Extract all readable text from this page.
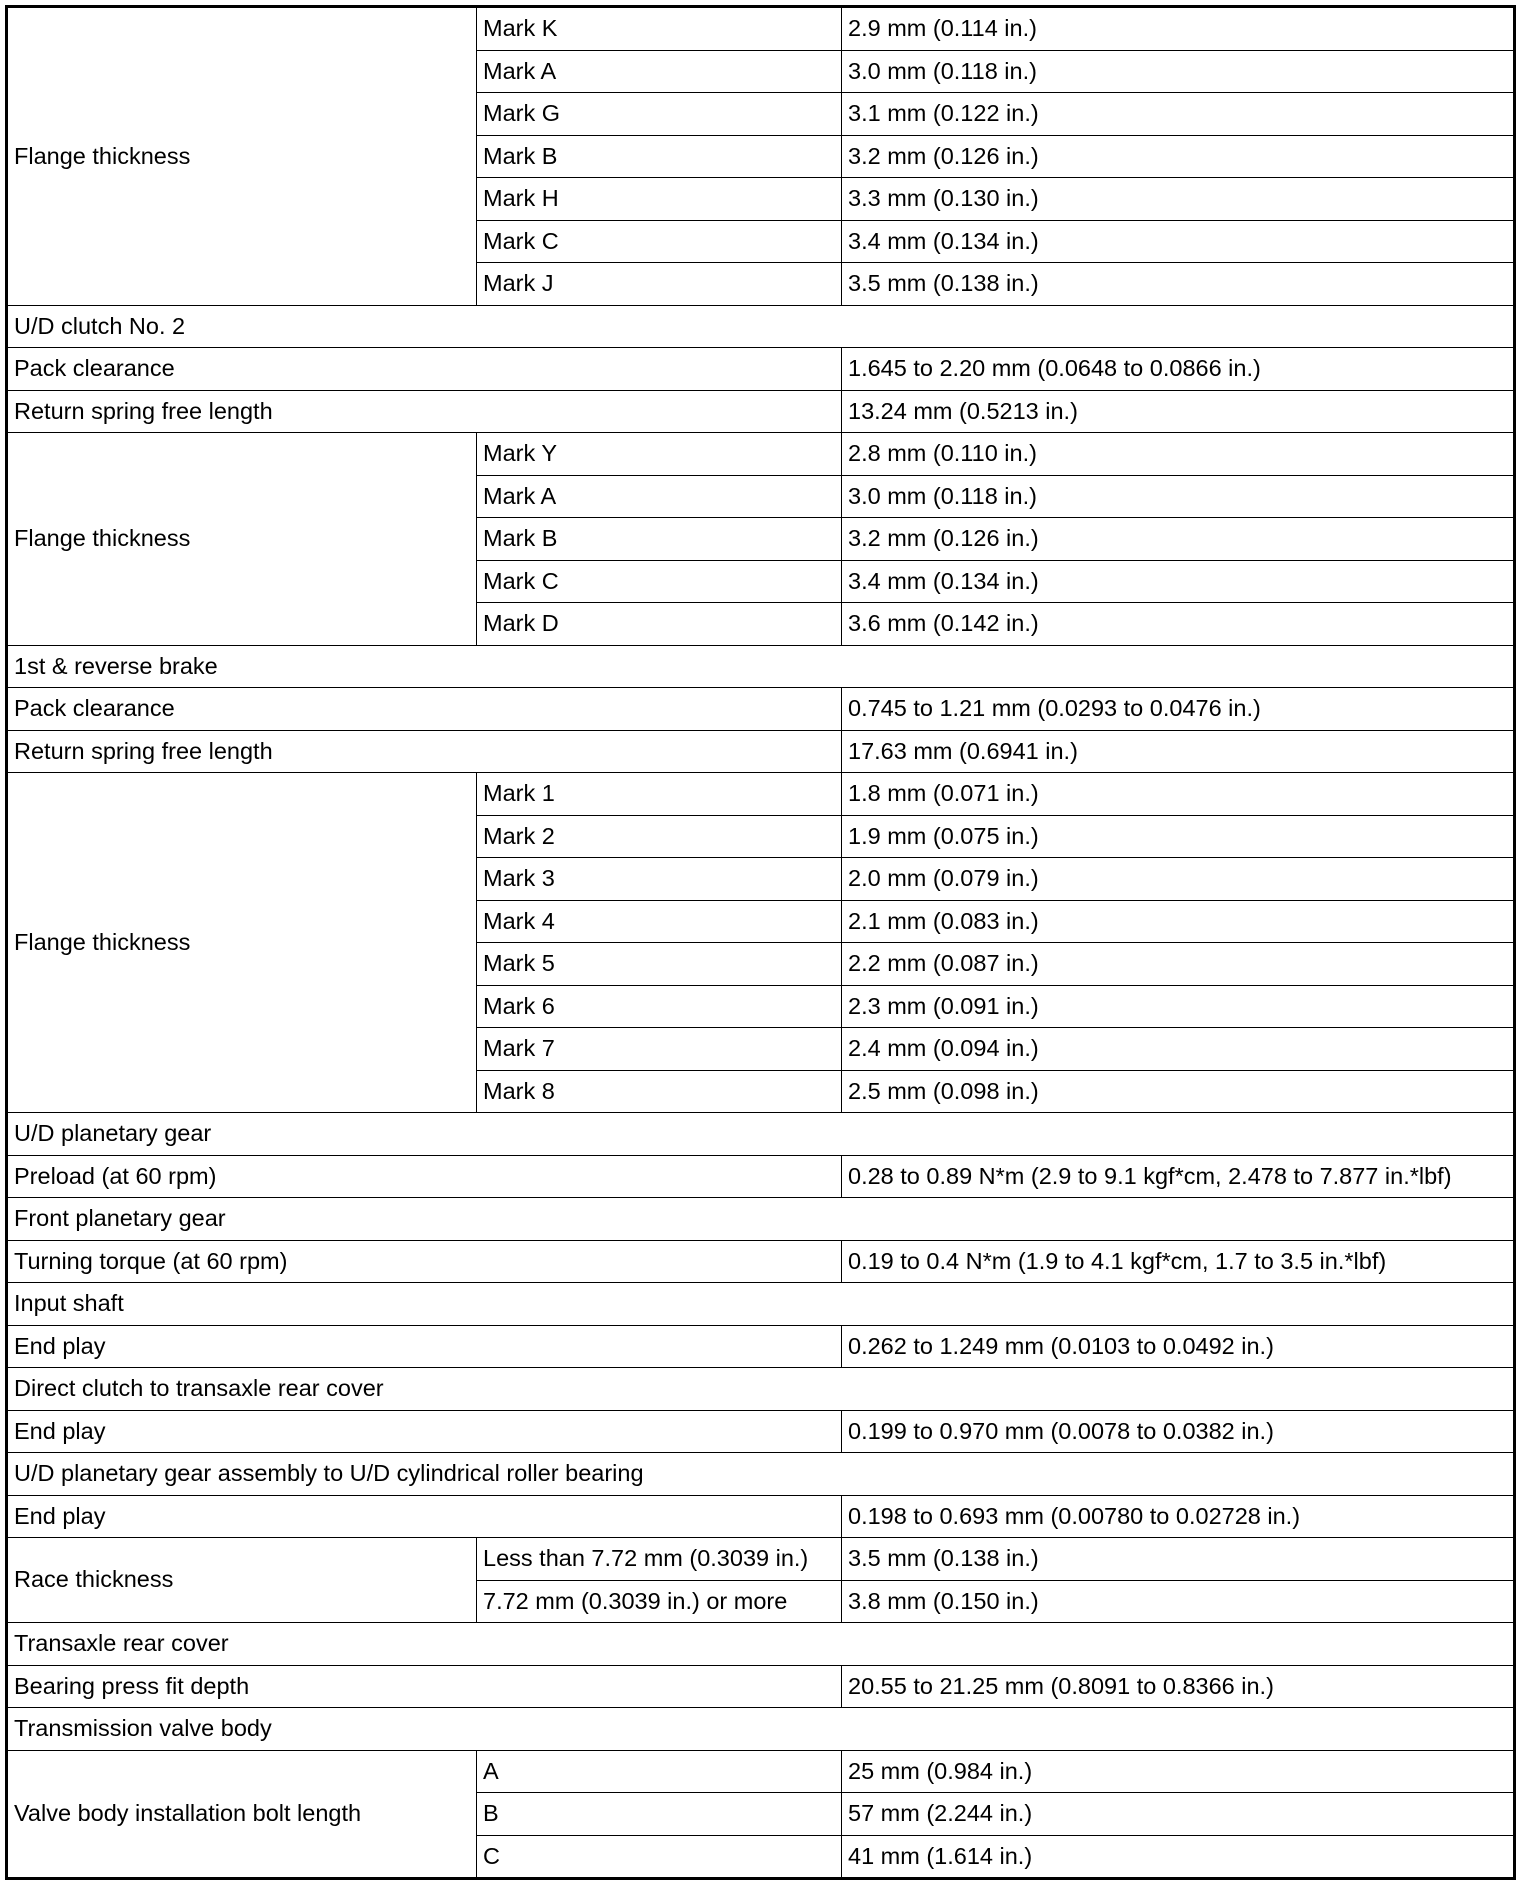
Flange thickness	Mark K	2.9 mm (0.114 in.)
	Mark A	3.0 mm (0.118 in.)
	Mark G	3.1 mm (0.122 in.)
	Mark B	3.2 mm (0.126 in.)
	Mark H	3.3 mm (0.130 in.)
	Mark C	3.4 mm (0.134 in.)
	Mark J	3.5 mm (0.138 in.)
U/D clutch No. 2		
Pack clearance		1.645 to 2.20 mm (0.0648 to 0.0866 in.)
Return spring free length		13.24 mm (0.5213 in.)
Flange thickness	Mark Y	2.8 mm (0.110 in.)
	Mark A	3.0 mm (0.118 in.)
	Mark B	3.2 mm (0.126 in.)
	Mark C	3.4 mm (0.134 in.)
	Mark D	3.6 mm (0.142 in.)
1st & reverse brake		
Pack clearance		0.745 to 1.21 mm (0.0293 to 0.0476 in.)
Return spring free length		17.63 mm (0.6941 in.)
Flange thickness	Mark 1	1.8 mm (0.071 in.)
	Mark 2	1.9 mm (0.075 in.)
	Mark 3	2.0 mm (0.079 in.)
	Mark 4	2.1 mm (0.083 in.)
	Mark 5	2.2 mm (0.087 in.)
	Mark 6	2.3 mm (0.091 in.)
	Mark 7	2.4 mm (0.094 in.)
	Mark 8	2.5 mm (0.098 in.)
U/D planetary gear		
Preload (at 60 rpm)		0.28 to 0.89 N*m (2.9 to 9.1 kgf*cm, 2.478 to 7.877 in.*lbf)
Front planetary gear		
Turning torque (at 60 rpm)		0.19 to 0.4 N*m (1.9 to 4.1 kgf*cm, 1.7 to 3.5 in.*lbf)
Input shaft		
End play		0.262 to 1.249 mm (0.0103 to 0.0492 in.)
Direct clutch to transaxle rear cover		
End play		0.199 to 0.970 mm (0.0078 to 0.0382 in.)
U/D planetary gear assembly to U/D cylindrical roller bearing		
End play		0.198 to 0.693 mm (0.00780 to 0.02728 in.)
Race thickness	Less than 7.72 mm (0.3039 in.)	3.5 mm (0.138 in.)
	7.72 mm (0.3039 in.) or more	3.8 mm (0.150 in.)
Transaxle rear cover		
Bearing press fit depth		20.55 to 21.25 mm (0.8091 to 0.8366 in.)
Transmission valve body		
Valve body installation bolt length	A	25 mm (0.984 in.)
	B	57 mm (2.244 in.)
	C	41 mm (1.614 in.)
